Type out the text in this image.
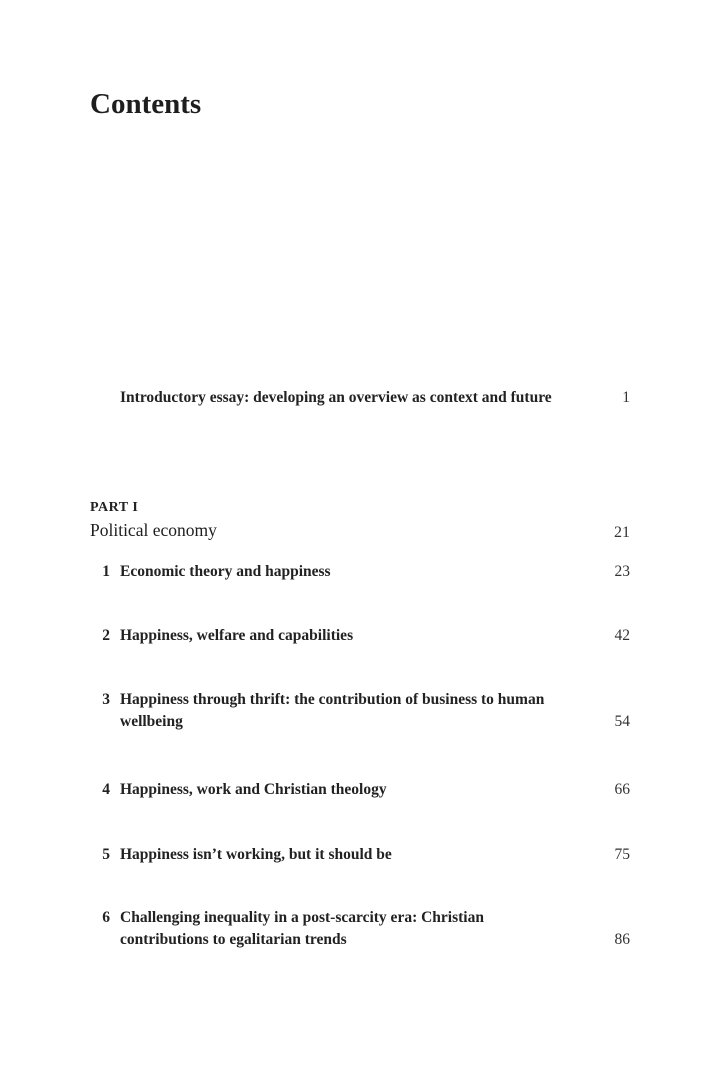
Contents
Introductory essay: developing an overview as context and future	1
PART I
Political economy	21
1 Economic theory and happiness	23
2 Happiness, welfare and capabilities	42
3 Happiness through thrift: the contribution of business to human wellbeing	54
4 Happiness, work and Christian theology	66
5 Happiness isn’t working, but it should be	75
6 Challenging inequality in a post-scarcity era: Christian contributions to egalitarian trends	86
